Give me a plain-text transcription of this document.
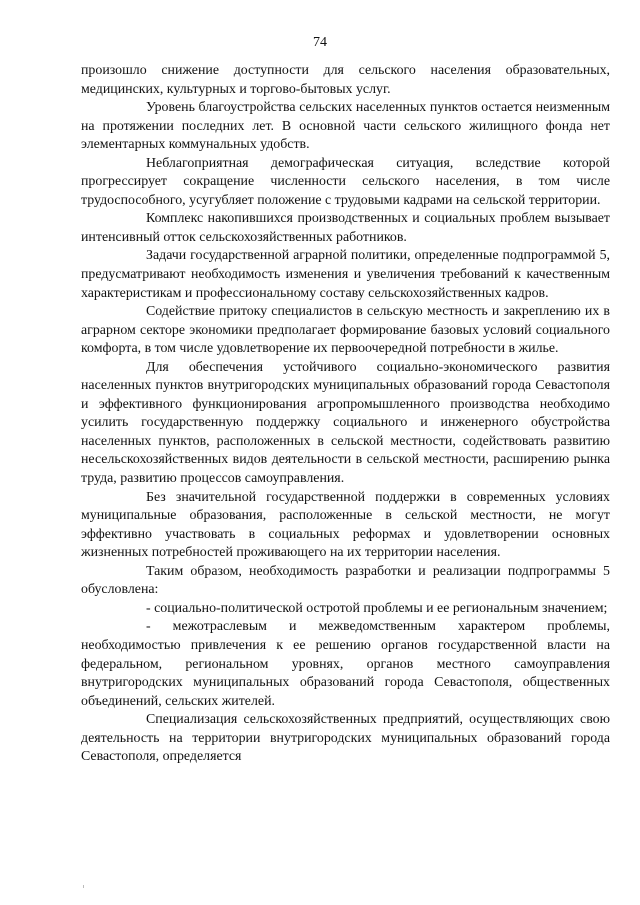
74

произошло снижение доступности для сельского населения образовательных, медицинских, культурных и торгово-бытовых услуг.

Уровень благоустройства сельских населенных пунктов остается неизменным на протяжении последних лет. В основной части сельского жилищного фонда нет элементарных коммунальных удобств.

Неблагоприятная демографическая ситуация, вследствие которой прогрессирует сокращение численности сельского населения, в том числе трудоспособного, усугубляет положение с трудовыми кадрами на сельской территории.

Комплекс накопившихся производственных и социальных проблем вызывает интенсивный отток сельскохозяйственных работников.

Задачи государственной аграрной политики, определенные подпрограммой 5, предусматривают необходимость изменения и увеличения требований к качественным характеристикам и профессиональному составу сельскохозяйственных кадров.

Содействие притоку специалистов в сельскую местность и закреплению их в аграрном секторе экономики предполагает формирование базовых условий социального комфорта, в том числе удовлетворение их первоочередной потребности в жилье.

Для обеспечения устойчивого социально-экономического развития населенных пунктов внутригородских муниципальных образований города Севастополя и эффективного функционирования агропромышленного производства необходимо усилить государственную поддержку социального и инженерного обустройства населенных пунктов, расположенных в сельской местности, содействовать развитию несельскохозяйственных видов деятельности в сельской местности, расширению рынка труда, развитию процессов самоуправления.

Без значительной государственной поддержки в современных условиях муниципальные образования, расположенные в сельской местности, не могут эффективно участвовать в социальных реформах и удовлетворении основных жизненных потребностей проживающего на их территории населения.

Таким образом, необходимость разработки и реализации подпрограммы 5 обусловлена:

- социально-политической остротой проблемы и ее региональным значением;

- межотраслевым и межведомственным характером проблемы, необходимостью привлечения к ее решению органов государственной власти на федеральном, региональном уровнях, органов местного самоуправления внутригородских муниципальных образований города Севастополя, общественных объединений, сельских жителей.

Специализация сельскохозяйственных предприятий, осуществляющих свою деятельность на территории внутригородских муниципальных образований города Севастополя, определяется
